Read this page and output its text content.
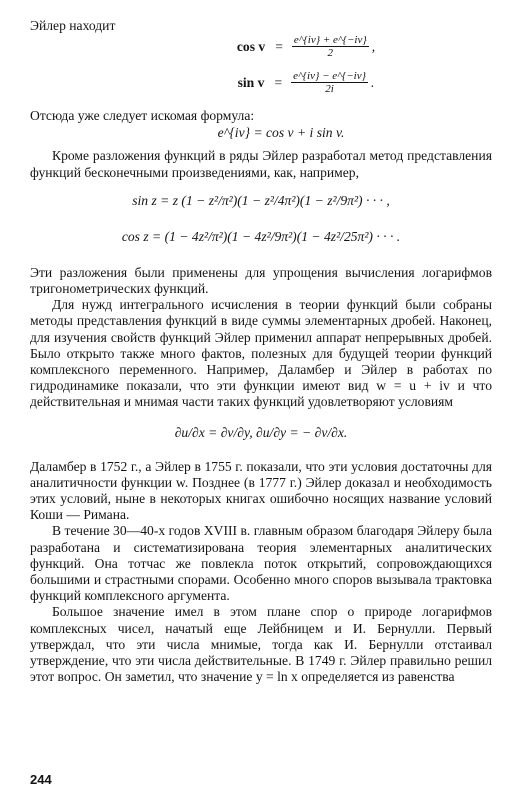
Эйлер находит

$\cos v = \frac{e\^{}\{iv\} + e\^{}\{-iv\}}{2}$ ,
$\sin v = \frac{e\^{}\{iv\} - e\^{}\{-iv\}}{2i}$ .

Отсюда уже следует искомая формула:

e^{iv} = cos v + i sin v.

Кроме разложения функций в ряды Эйлер разработал метод представления функций бесконечными произведениями, как, например,

sin z = z (1 − z²/π²)(1 − z²/4π²)(1 − z²/9π²) · · · ,
cos z = (1 − 4z²/π²)(1 − 4z²/9π²)(1 − 4z²/25π²) · · · .

Эти разложения были применены для упрощения вычисления логарифмов тригонометрических функций.

Для нужд интегрального исчисления в теории функций были собраны методы представления функций в виде суммы элементарных дробей. Наконец, для изучения свойств функций Эйлер применил аппарат непрерывных дробей. Было открыто также много фактов, полезных для будущей теории функций комплексного переменного. Например, Даламбер и Эйлер в работах по гидродинамике показали, что эти функции имеют вид w = u + iv и что действительная и мнимая части таких функций удовлетворяют условиям

∂u/∂x = ∂v/∂y, ∂u/∂y = − ∂v/∂x.

Даламбер в 1752 г., а Эйлер в 1755 г. показали, что эти условия достаточны для аналитичности функции w. Позднее (в 1777 г.) Эйлер доказал и необходимость этих условий, ныне в некоторых книгах ошибочно носящих название условий Коши — Римана.

В течение 30—40-х годов XVIII в. главным образом благодаря Эйлеру была разработана и систематизирована теория элементарных аналитических функций. Она тотчас же повлекла поток открытий, сопровождающихся большими и страстными спорами. Особенно много споров вызывала трактовка функций комплексного аргумента.

Большое значение имел в этом плане спор о природе логарифмов комплексных чисел, начатый еще Лейбницем и И. Бернулли. Первый утверждал, что эти числа мнимые, тогда как И. Бернулли отстаивал утверждение, что эти числа действительные. В 1749 г. Эйлер правильно решил этот вопрос. Он заметил, что значение y = ln x определяется из равенства

244
